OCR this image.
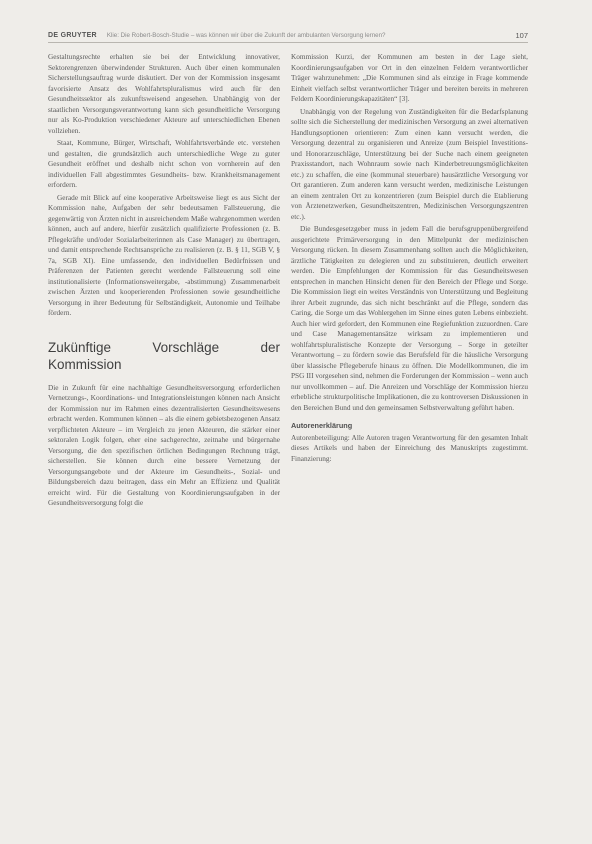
DE GRUYTER Klie: Die Robert-Bosch-Studie – was können wir über die Zukunft der ambulanten Versorgung lernen?	107

Gestaltungsrechte erhalten sie bei der Entwicklung innovativer, Sektorengrenzen überwindender Strukturen. Auch über einen kommunalen Sicherstellungsauftrag wurde diskutiert. Der von der Kommission insgesamt favorisierte Ansatz des Wohlfahrtspluralismus wird auch für den Gesundheitssektor als zukunftsweisend angesehen. Unabhängig von der staatlichen Versorgungsverantwortung kann sich gesundheitliche Versorgung nur als Ko-Produktion verschiedener Akteure auf unterschiedlichen Ebenen vollziehen.

Staat, Kommune, Bürger, Wirtschaft, Wohlfahrtsverbände etc. verstehen und gestalten, die grundsätzlich auch unterschiedliche Wege zu guter Gesundheit eröffnet und deshalb nicht schon von vornherein auf den individuellen Fall abgestimmtes Gesundheits- bzw. Krankheitsmanagement erfordern.

Gerade mit Blick auf eine kooperative Arbeitsweise liegt es aus Sicht der Kommission nahe, Aufgaben der sehr bedeutsamen Fallsteuerung, die gegenwärtig von Ärzten nicht in ausreichendem Maße wahrgenommen werden können, auch auf andere, hierfür zusätzlich qualifizierte Professionen (z. B. Pflegekräfte und/oder Sozialarbeiterinnen als Case Manager) zu übertragen, und damit entsprechende Rechtsansprüche zu realisieren (z. B. § 11, SGB V, § 7a, SGB XI). Eine umfassende, den individuellen Bedürfnissen und Präferenzen der Patienten gerecht werdende Fallsteuerung soll eine institutionalisierte (Informationsweitergabe, -abstimmung) Zusammenarbeit zwischen Ärzten und kooperierenden Professionen sowie gesundheitliche Versorgung in ihrer Bedeutung für Selbständigkeit, Autonomie und Teilhabe fördern.

Zukünftige Vorschläge der Kommission

Die in Zukunft für eine nachhaltige Gesundheitsversorgung erforderlichen Vernetzungs-, Koordinations- und Integrationsleistungen können nach Ansicht der Kommission nur im Rahmen eines dezentralisierten Gesundheitswesens erbracht werden. Kommunen können – als die einem gebietsbezogenen Ansatz verpflichteten Akteure – im Vergleich zu jenen Akteuren, die stärker einer sektoralen Logik folgen, eher eine sachgerechte, zeitnahe und bürgernahe Versorgung, die den spezifischen örtlichen Bedingungen Rechnung trägt, sicherstellen. Sie können durch eine bessere Vernetzung der Versorgungsangebote und der Akteure im Gesundheits-, Sozial- und Bildungsbereich dazu beitragen, dass ein Mehr an Effizienz und Qualität erreicht wird. Für die Gestaltung von Koordinierungsaufgaben in der Gesundheitsversorgung folgt die

Kommission Kurzi, der Kommunen am besten in der Lage sieht, Koordinierungsaufgaben vor Ort in den einzelnen Feldern verantwortlicher Träger wahrzunehmen: „Die Kommunen sind als einzige in Frage kommende Einheit vielfach selbst verantwortlicher Träger und bereiten bereits in mehreren Feldern Koordinierungskapazitäten“ [3].

Unabhängig von der Regelung von Zuständigkeiten für die Bedarfsplanung sollte sich die Sicherstellung der medizinischen Versorgung an zwei alternativen Handlungsoptionen orientieren: Zum einen kann versucht werden, die Versorgung dezentral zu organisieren und Anreize (zum Beispiel Investitions- und Honorarzuschläge, Unterstützung bei der Suche nach einem geeigneten Praxisstandort, nach Wohnraum sowie nach Kinderbetreuungsmöglichkeiten etc.) zu schaffen, die eine (kommunal steuerbare) hausärztliche Versorgung vor Ort garantieren. Zum anderen kann versucht werden, medizinische Leistungen an einem zentralen Ort zu konzentrieren (zum Beispiel durch die Etablierung von Ärztenetzwerken, Gesundheitszentren, Medizinischen Versorgungszentren etc.).

Die Bundesgesetzgeber muss in jedem Fall die berufsgruppenübergreifend ausgerichtete Primärversorgung in den Mittelpunkt der medizinischen Versorgung rücken. In diesem Zusammenhang sollten auch die Möglichkeiten, ärztliche Tätigkeiten zu delegieren und zu substituieren, deutlich erweitert werden. Die Empfehlungen der Kommission für das Gesundheitswesen entsprechen in manchen Hinsicht denen für den Bereich der Pflege und Sorge. Die Kommission liegt ein weites Verständnis von Unterstützung und Begleitung ihrer Arbeit zugrunde, das sich nicht beschränkt auf die Pflege, sondern das Caring, die Sorge um das Wohlergehen im Sinne eines guten Lebens einbezieht. Auch hier wird gefordert, den Kommunen eine Regiefunktion zuzuordnen. Care und Case Managementansätze wirksam zu implementieren und wohlfahrtspluralistische Konzepte der Versorgung – Sorge in geteilter Verantwortung – zu fördern sowie das Berufsfeld für die häusliche Versorgung über klassische Pflegeberufe hinaus zu öffnen. Die Modellkommunen, die im PSG III vorgesehen sind, nehmen die Forderungen der Kommission – wenn auch nur unvollkommen – auf. Die Anreizen und Vorschläge der Kommission hierzu erhebliche strukturpolitische Implikationen, die zu kontroversen Diskussionen in den Bereichen Bund und den gemeinsamen Selbstverwaltung geführt haben.

Autorenerklärung

Autorenbeteiligung: Alle Autoren tragen Verantwortung für den gesamten Inhalt dieses Artikels und haben der Einreichung des Manuskripts zugestimmt. Finanzierung:
